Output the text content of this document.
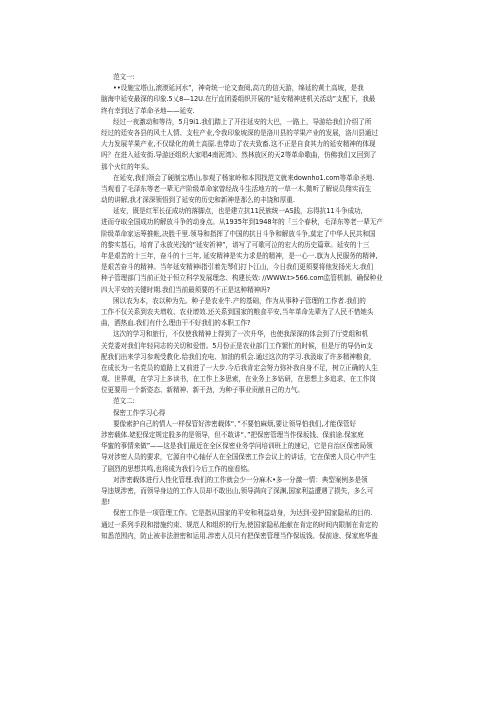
范文一:
••设施宝塔山,滚滚延河水”，神奇统一论文查阅,高亢的信天游，绵延的黄土高坡，是我
脑海中延安最深的印象.5乂8—12U.在厅直团委组织开展的“延安精神进机关活动”支配下，我最
终有幸到达了革命圣地——延安.
经过一夜激动和等待，5月9i1.我们踏上了开往延安的大巴，一路上，导游给我们介绍了所
经过的廷安各县的风土人情、支柱产业,令我印象坡深的是洛川县的苹果产业的发展，洛川县通过
大力发展苹果产业,不仅绿化的黄土高原.也带动了农夫致畜.这不正是自食其力的延安精神的体现
吗？在进入延安街.导游还组织大家唱4南泥湾》、然林放区的天2等革命歌曲，仿佛我们又回到了
那个火红的年头。
在延安,我们领会了硬制宝塔山,参观了杨家岭和本园找范文就来downho1.com等革命圣地.
当观看了毛泽东等老一辈无产阶级革命家曾经战斗生活地方的一草一木,微听了解说员翔实而生
动的讲解,我才深深领悟到了延安的历史和新神是那么的丰饶和厚重.
延安，既是红军长征成功的落脚点，也是建立抗11民族统一AS践，忘得抗11斗争成功,
进而夺取全国成功的解放斗争的动身点。从1935年到1948年的「三个春秋，毛泽东等老一辈无产
阶级革命家运筹推帐,决胜千里.领导和指挥了中国的抗日斗争和解放斗争,莫定了中华人民共和国
的黎实基石，培育了永放光浅的“延安祈神”，谱写了可歌可泣的宏大的历史篇章。延安的十三
年是艰苦的十三年，奋斗的十三年, 延安精神是实力求是的精神，是一心一.旗为人民服务的精神,
是艰苦奋斗的精神。当年延安精神i指引着先琴们打卜江山，今日我们更须要将他发扬光大.我们
种子管理部门当前正处于恒立科学发展理念、构建长效: //WWW.t>566.com监管机制、确保种业
四大平安的关键时期.我们当前最须要的不正是这种精神吗?
困以农为本，农以种为先。种子是农业牛.产的基础，作为从事种子管理的工作者.我们的
工作不仅关系到农夫增收、农业增效.还关系到国家的粮食平安,当年革命先辈为了人民不惜她头
曲，洒热血.我们有什么理由干不好我们的本职工作?
这次的学习和旅行，不仅使我精神上得到了一次升华，也使我深深的体会到了厅党组和机
关党委对我们年轻同志的关切和爱惜。5月份正是农业部门工作繁忙的时候，但是厅的导仍in支
配我们出来学习参观受教化.给我们充电、加油的机会.通过这次的学习.我汲取了许多精神粮食，
在成长为一名党员的道路上又前进了一大步.今后我肯定会努力弥补我自身不足，树立正确的人生
观、世界观，在学习上多读书，在工作上多思索，在业务上多钻研，在思想上多追求，在工作岗
位更要用一个新姿态、新精神、新干劲，为种子事业贡献自己的力气。
范文二:
保密工作学习心得
要像索护自己的情人一样保管好涉密载体“、”不要怕麻烦,要让领导怕我们,才能保管好
涉密载体.姥犯保定规定股多的是领导，但不敢讲“、”把保密管理当作保坂钱、保前途.保家庭
华蜜的事情来做”——这是我们最近在全区保密业务学问培训班上的速记，它是自治区保密局领
导对涉密人员的要求，它源自中心轴仔人在全国保密工作会议上的讲话，它在保密人员心中产生
了剧烈的思想共鸣,也将成为我们今后工作的座看铭。
对涉密载体进行人性化管理.我们的工作就会少一分麻木•多一分激一情：典型案例多是领
导违规涉密，而领导身边的工作人员却不敢出山,领导满向了深渊,国家利益遭遇了损失，多么可
悲!
保密工作是一项管理工作。它是指从国家的平安和利益动身，为达到·爱护国家隐私的目的.
通过一系列手段和措施约束、规范人和组织的行为,使国家隐私能献在肯定的时间内限制在肯定的
知悉范围内，防止被非法泄密和运用.涉密人员只有把保密管理当作保坂钱、保前途、保家庭华蛊
